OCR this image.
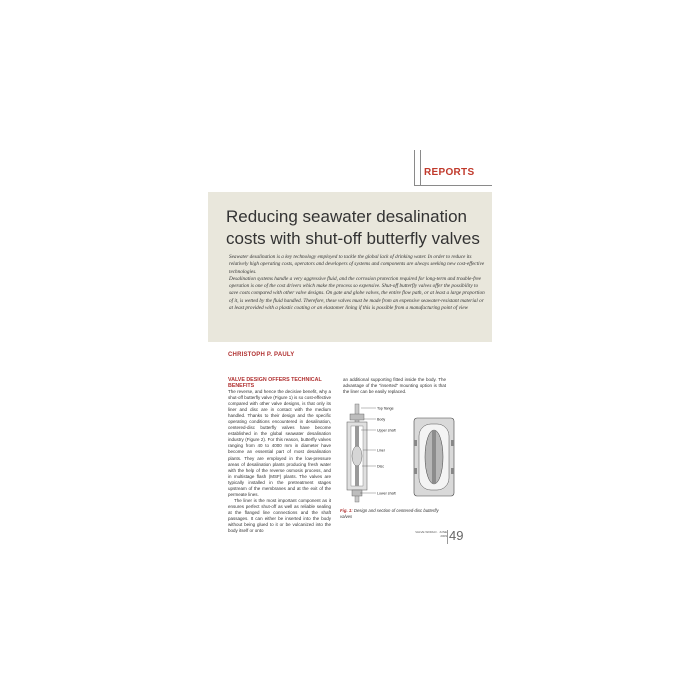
REPORTS
Reducing seawater desalination costs with shut-off butterfly valves

Seawater desalination is a key technology employed to tackle the global lack of drinking water. In order to reduce its relatively high operating costs, operators and developers of systems and components are always seeking new cost-effective technologies.

Desalination systems handle a very aggressive fluid, and the corrosion protection required for long-term and trouble-free operation is one of the cost drivers which make the process so expensive. Shut-off butterfly valves offer the possibility to save costs compared with other valve designs. On gate and globe valves, the entire flow path, or at least a large proportion of it, is wetted by the fluid handled. Therefore, these valves must be made from an expensive seawater-resistant material or at least provided with a plastic coating or an elastomer lining if this is possible from a manufacturing point of view

CHRISTOPH P. PAULY
VALVE DESIGN OFFERS TECHNICAL BENEFITS

The reverse, and hence the decisive benefit, why a shut-off butterfly valve (Figure 1) is so cost-effective compared with other valve designs, is that only its liner and disc are in contact with the medium handled. Thanks to their design and the specific operating conditions encountered in desalination, centered-disc butterfly valves have become established in the global seawater desalination industry (Figure 2). For this reason, butterfly valves ranging from 40 to 4000 mm in diameter have become an essential part of most desalination plants. They are employed in the low-pressure areas of desalination plants producing fresh water with the help of the reverse osmosis process, and in multistage flash (MSF) plants. The valves are typically installed in the pretreatment stages upstream of the membranes and at the exit of the permeate lines.

The liner is the most important component as it ensures perfect shut-off as well as reliable sealing at the flanged line connections and the shaft passages. It can either be inserted into the body without being glued to it or be vulcanized into the body itself or onto

an additional supporting fitted inside the body. The advantage of the "inserted" mounting option is that the liner can be easily replaced.

Top flange
Body
Upper shaft
Liner
Disc
Lower shaft
Fig. 1: Design and section of centered-disc butterfly valves
VALVE WORLD · JUNE 2009 49
